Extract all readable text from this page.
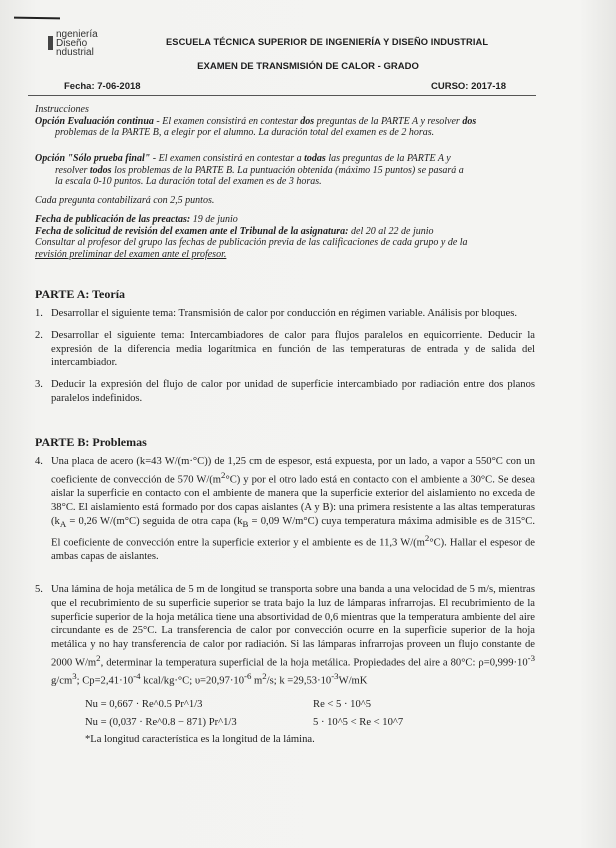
ngeniería
Diseño
ndustrial
ESCUELA TÉCNICA SUPERIOR DE INGENIERÍA Y DISEÑO INDUSTRIAL
EXAMEN DE TRANSMISIÓN DE CALOR - GRADO
Fecha: 7-06-2018	CURSO: 2017-18
Instrucciones
Opción Evaluación continua - El examen consistirá en contestar dos preguntas de la PARTE A y resolver dos
problemas de la PARTE B, a elegir por el alumno. La duración total del examen es de 2 horas.
Opción "Sólo prueba final" - El examen consistirá en contestar a todas las preguntas de la PARTE A y
resolver todos los problemas de la PARTE B. La puntuación obtenida (máximo 15 puntos) se pasará a
la escala 0-10 puntos. La duración total del examen es de 3 horas.
Cada pregunta contabilizará con 2,5 puntos.
Fecha de publicación de las preactas: 19 de junio
Fecha de solicitud de revisión del examen ante el Tribunal de la asignatura: del 20 al 22 de junio
Consultar al profesor del grupo las fechas de publicación previa de las calificaciones de cada grupo y de la
revisión preliminar del examen ante el profesor.
PARTE A: Teoría
1. Desarrollar el siguiente tema: Transmisión de calor por conducción en régimen variable. Análisis por bloques.
2. Desarrollar el siguiente tema: Intercambiadores de calor para flujos paralelos en equicorriente. Deducir la expresión de la diferencia media logarítmica en función de las temperaturas de entrada y de salida del intercambiador.
3. Deducir la expresión del flujo de calor por unidad de superficie intercambiado por radiación entre dos planos paralelos indefinidos.
PARTE B: Problemas
4. Una placa de acero (k=43 W/(m·°C)) de 1,25 cm de espesor, está expuesta, por un lado, a vapor a 550°C con un coeficiente de convección de 570 $W/(m^2^\circ C)$ y por el otro lado está en contacto con el ambiente a 30°C. Se desea aislar la superficie en contacto con el ambiente de manera que la superficie exterior del aislamiento no exceda de 38°C. El aislamiento está formado por dos capas aislantes (A y B): una primera resistente a las altas temperaturas ($k_A = 0,26$ W/(m°C) seguida de otra capa ($k_B = 0,09$ W/m°C) cuya temperatura máxima admisible es de 315°C. El coeficiente de convección entre la superficie exterior y el ambiente es de 11,3 $W/(m^2^\circ C)$. Hallar el espesor de ambas capas de aislantes.
5. Una lámina de hoja metálica de 5 m de longitud se transporta sobre una banda a una velocidad de 5 m/s, mientras que el recubrimiento de su superficie superior se trata bajo la luz de lámparas infrarrojas. El recubrimiento de la superficie superior de la hoja metálica tiene una absortividad de 0,6 mientras que la temperatura ambiente del aire circundante es de 25°C. La transferencia de calor por convección ocurre en la superficie superior de la hoja metálica y no hay transferencia de calor por radiación. Si las lámparas infrarrojas proveen un flujo constante de 2000 $W/m^2$, determinar la temperatura superficial de la hoja metálica. Propiedades del aire a 80°C: $\rho=0,999\cdot 10^{-3}$ $g/cm^3$; $Cp=2,41\cdot 10^{-4}$ kcal/kg·°C; $\upsilon=20,97\cdot 10^{-6}$ $m^2/s$; $k =29,53\cdot 10^{-3}W/mK$
Nu = 0,667 · Re^0.5 Pr^1/3	Re < 5 · 10^5
Nu = (0,037 · Re^0.8 − 871) Pr^1/3	5 · 10^5 < Re < 10^7
*La longitud característica es la longitud de la lámina.
